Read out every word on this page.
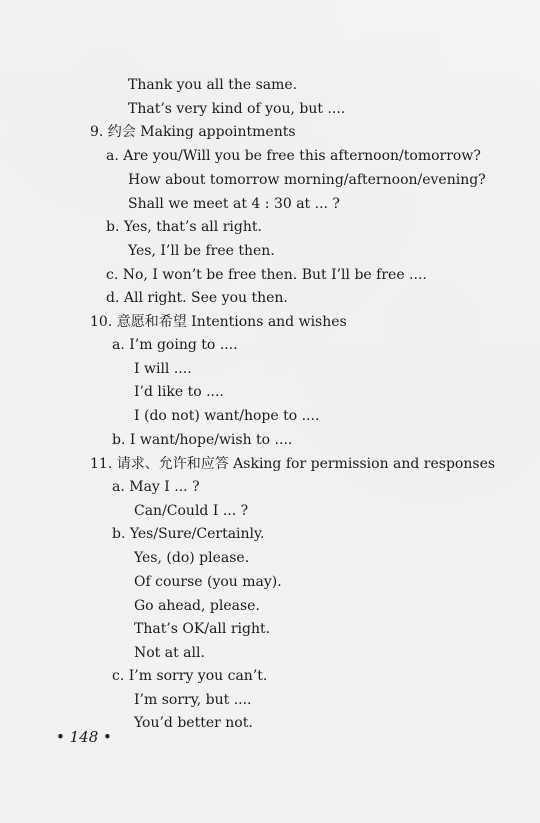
Thank you all the same.
That’s very kind of you, but ....
9. 约会 Making appointments
a. Are you/Will you be free this afternoon/tomorrow?
How about tomorrow morning/afternoon/evening?
Shall we meet at 4 : 30 at ... ?
b. Yes, that’s all right.
Yes, I’ll be free then.
c. No, I won’t be free then. But I’ll be free ....
d. All right. See you then.
10. 意愿和希望 Intentions and wishes
a. I’m going to ....
I will ....
I’d like to ....
I (do not) want/hope to ....
b. I want/hope/wish to ....
11. 请求、允许和应答 Asking for permission and responses
a. May I ... ?
Can/Could I ... ?
b. Yes/Sure/Certainly.
Yes, (do) please.
Of course (you may).
Go ahead, please.
That’s OK/all right.
Not at all.
c. I’m sorry you can’t.
I’m sorry, but ....
You’d better not.
• 148 •
